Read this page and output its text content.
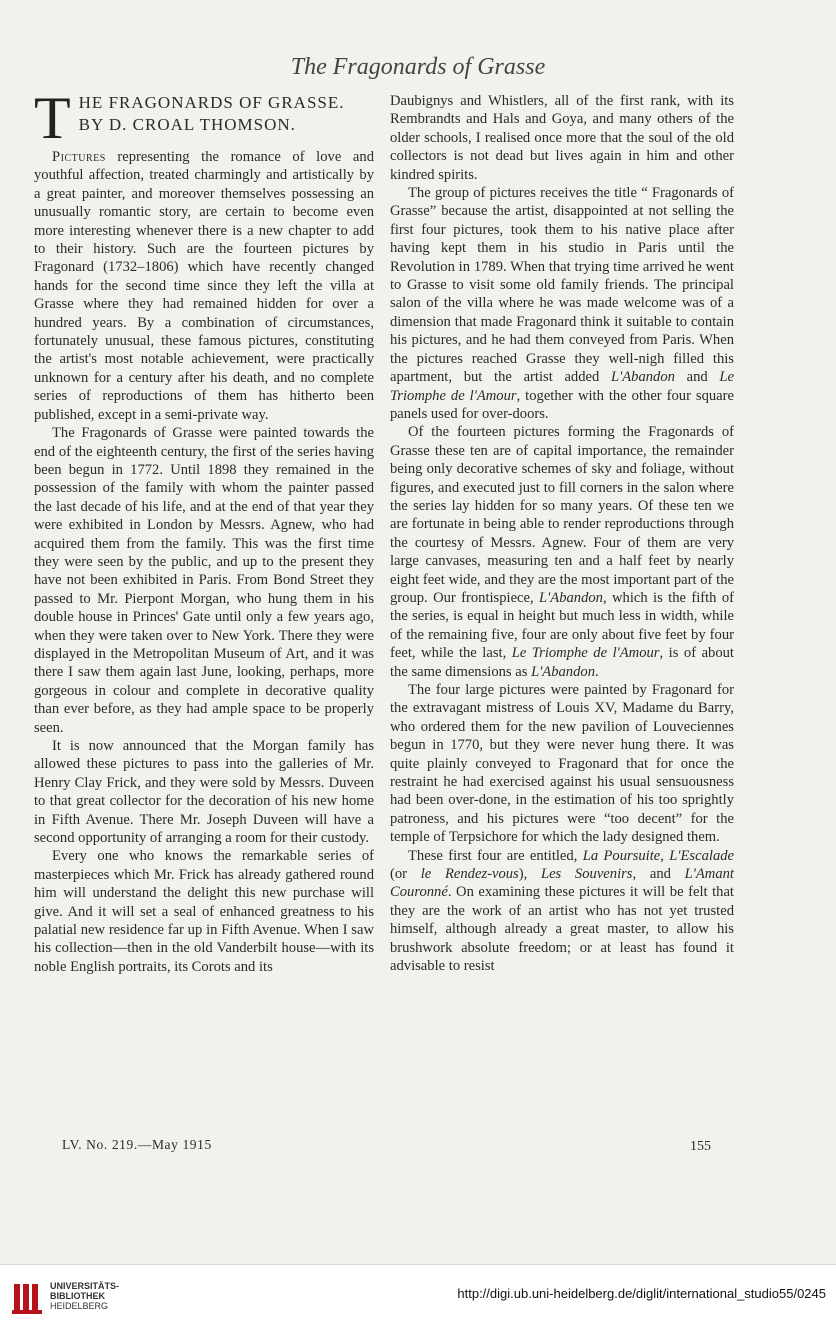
The Fragonards of Grasse
T HE FRAGONARDS OF GRASSE.
BY D. CROAL THOMSON.

Pictures representing the romance of love and youthful affection, treated charmingly and artistically by a great painter, and moreover themselves possessing an unusually romantic story, are certain to become even more interesting whenever there is a new chapter to add to their history. Such are the fourteen pictures by Fragonard (1732–1806) which have recently changed hands for the second time since they left the villa at Grasse where they had remained hidden for over a hundred years. By a combination of circumstances, fortunately unusual, these famous pictures, constituting the artist's most notable achievement, were practically unknown for a century after his death, and no complete series of reproductions of them has hitherto been published, except in a semi-private way.

The Fragonards of Grasse were painted towards the end of the eighteenth century, the first of the series having been begun in 1772. Until 1898 they remained in the possession of the family with whom the painter passed the last decade of his life, and at the end of that year they were exhibited in London by Messrs. Agnew, who had acquired them from the family. This was the first time they were seen by the public, and up to the present they have not been exhibited in Paris. From Bond Street they passed to Mr. Pierpont Morgan, who hung them in his double house in Princes' Gate until only a few years ago, when they were taken over to New York. There they were displayed in the Metropolitan Museum of Art, and it was there I saw them again last June, looking, perhaps, more gorgeous in colour and complete in decorative quality than ever before, as they had ample space to be properly seen.

It is now announced that the Morgan family has allowed these pictures to pass into the galleries of Mr. Henry Clay Frick, and they were sold by Messrs. Duveen to that great collector for the decoration of his new home in Fifth Avenue. There Mr. Joseph Duveen will have a second opportunity of arranging a room for their custody.

Every one who knows the remarkable series of masterpieces which Mr. Frick has already gathered round him will understand the delight this new purchase will give. And it will set a seal of enhanced greatness to his palatial new residence far up in Fifth Avenue. When I saw his collection—then in the old Vanderbilt house—with its noble English portraits, its Corots and its

Daubignys and Whistlers, all of the first rank, with its Rembrandts and Hals and Goya, and many others of the older schools, I realised once more that the soul of the old collectors is not dead but lives again in him and other kindred spirits.

The group of pictures receives the title “ Fragonards of Grasse” because the artist, disappointed at not selling the first four pictures, took them to his native place after having kept them in his studio in Paris until the Revolution in 1789. When that trying time arrived he went to Grasse to visit some old family friends. The principal salon of the villa where he was made welcome was of a dimension that made Fragonard think it suitable to contain his pictures, and he had them conveyed from Paris. When the pictures reached Grasse they well-nigh filled this apartment, but the artist added L'Abandon and Le Triomphe de l'Amour, together with the other four square panels used for over-doors.

Of the fourteen pictures forming the Fragonards of Grasse these ten are of capital importance, the remainder being only decorative schemes of sky and foliage, without figures, and executed just to fill corners in the salon where the series lay hidden for so many years. Of these ten we are fortunate in being able to render reproductions through the courtesy of Messrs. Agnew. Four of them are very large canvases, measuring ten and a half feet by nearly eight feet wide, and they are the most important part of the group. Our frontispiece, L'Abandon, which is the fifth of the series, is equal in height but much less in width, while of the remaining five, four are only about five feet by four feet, while the last, Le Triomphe de l'Amour, is of about the same dimensions as L'Abandon.

The four large pictures were painted by Fragonard for the extravagant mistress of Louis XV, Madame du Barry, who ordered them for the new pavilion of Louveciennes begun in 1770, but they were never hung there. It was quite plainly conveyed to Fragonard that for once the restraint he had exercised against his usual sensuousness had been over-done, in the estimation of his too sprightly patroness, and his pictures were “too decent” for the temple of Terpsichore for which the lady designed them.

These first four are entitled, La Poursuite, L'Escalade (or le Rendez-vous), Les Souvenirs, and L'Amant Couronné. On examining these pictures it will be felt that they are the work of an artist who has not yet trusted himself, although already a great master, to allow his brushwork absolute freedom; or at least has found it advisable to resist

LV. No. 219.—May 1915	155
UNIVERSITÄTS-
BIBLIOTHEK
HEIDELBERG
http://digi.ub.uni-heidelberg.de/diglit/international_studio55/0245
